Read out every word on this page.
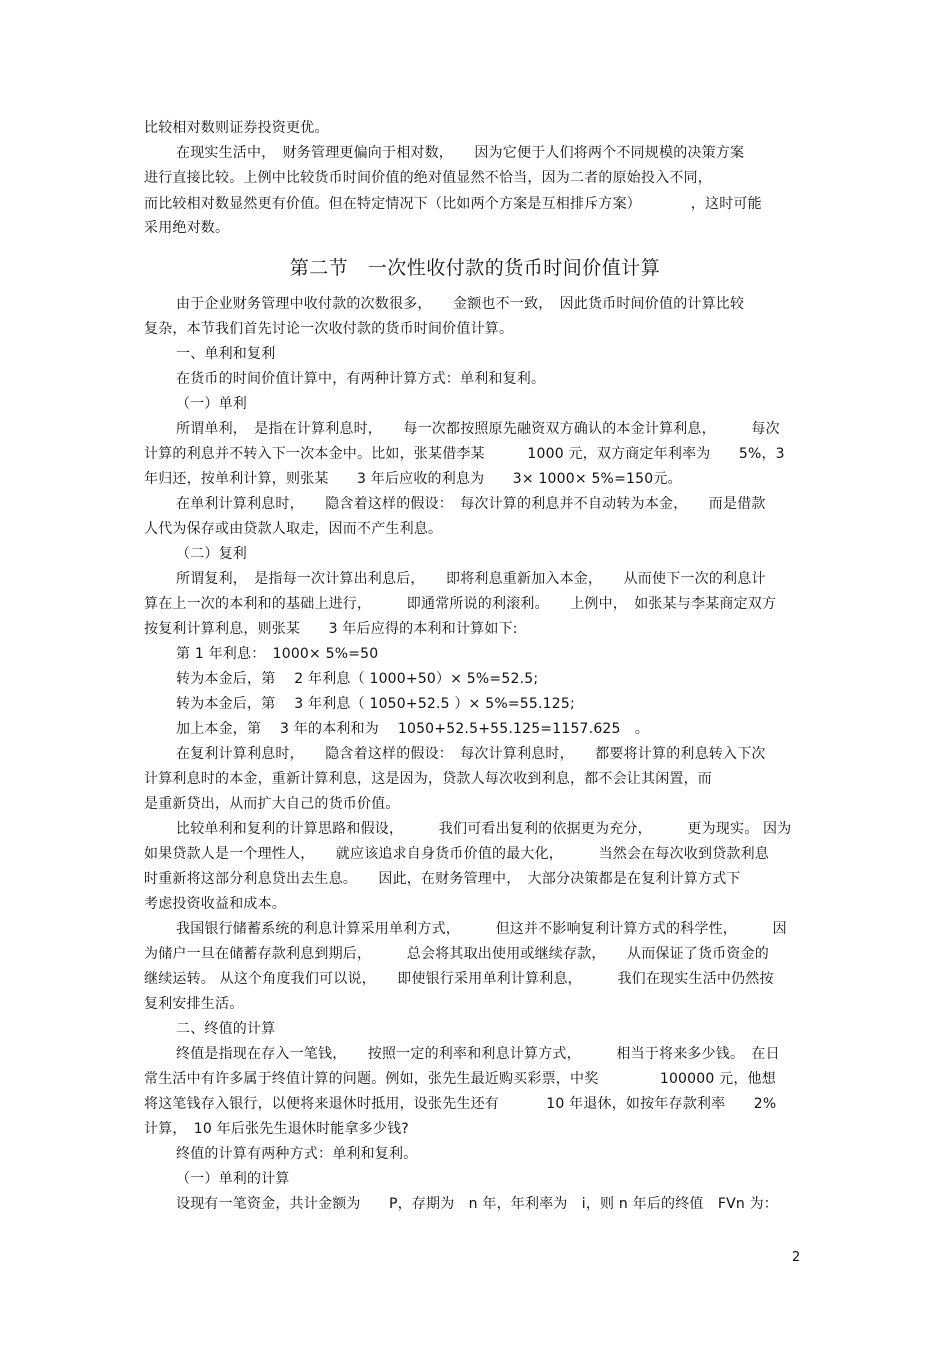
比较相对数则证券投资更优。
在现实生活中，　财务管理更偏向于相对数，　　因为它便于人们将两个不同规模的决策方案
进行直接比较。上例中比较货币时间价值的绝对值显然不恰当，因为二者的原始投入不同，
而比较相对数显然更有价值。但在特定情况下（比如两个方案是互相排斥方案）　　　　，这时可能
采用绝对数。
第二节　一次性收付款的货币时间价值计算
由于企业财务管理中收付款的次数很多，　　金额也不一致，　因此货币时间价值的计算比较
复杂，本节我们首先讨论一次收付款的货币时间价值计算。
一、单利和复利
在货币的时间价值计算中，有两种计算方式：单利和复利。
（一）单利
所谓单利，　是指在计算利息时，　　每一次都按照原先融资双方确认的本金计算利息，　　　每次
计算的利息并不转入下一次本金中。比如，张某借李某　　　1000 元，双方商定年利率为　　5%，3
年归还，按单利计算，则张某　　3 年后应收的利息为　　3× 1000× 5%=150元。
在单利计算利息时，　　隐含着这样的假设：　每次计算的利息并不自动转为本金，　　而是借款
人代为保存或由贷款人取走，因而不产生利息。
（二）复利
所谓复利，　是指每一次计算出利息后，　　即将利息重新加入本金，　　从而使下一次的利息计
算在上一次的本利和的基础上进行，　　　即通常所说的利滚利。　　上例中，　如张某与李某商定双方
按复利计算利息，则张某　　3 年后应得的本利和计算如下:
第 1 年利息：　1000× 5%=50
转为本金后，第　 2 年利息（ 1000+50）× 5%=52.5;
转为本金后，第　 3 年利息（ 1050+52.5 ）× 5%=55.125;
加上本金，第　 3 年的本利和为　 1050+52.5+55.125=1157.625　。
在复利计算利息时，　　隐含着这样的假设：　每次计算利息时，　　都要将计算的利息转入下次
计算利息时的本金，重新计算利息，这是因为，贷款人每次收到利息，都不会让其闲置，而
是重新贷出，从而扩大自己的货币价值。
比较单利和复利的计算思路和假设，　　　我们可看出复利的依据更为充分，　　　更为现实。 因为
如果贷款人是一个理性人，　　就应该追求自身货币价值的最大化，　　　当然会在每次收到贷款利息
时重新将这部分利息贷出去生息。　　因此，在财务管理中，　大部分决策都是在复利计算方式下
考虑投资收益和成本。
我国银行储蓄系统的利息计算采用单利方式，　　　但这并不影响复利计算方式的科学性，　　　因
为储户一旦在储蓄存款利息到期后，　　　总会将其取出使用或继续存款，　　从而保证了货币资金的
继续运转。 从这个角度我们可以说，　　即使银行采用单利计算利息，　　　我们在现实生活中仍然按
复利安排生活。
二、终值的计算
终值是指现在存入一笔钱，　　按照一定的利率和利息计算方式，　　　相当于将来多少钱。　在日
常生活中有许多属于终值计算的问题。例如，张先生最近购买彩票，中奖　　　　 100000 元，他想
将这笔钱存入银行，以便将来退休时抵用，设张先生还有　　　 10 年退休，如按年存款利率　　2%
计算，　10 年后张先生退休时能拿多少钱?
终值的计算有两种方式：单利和复利。
（一）单利的计算
设现有一笔资金，共计金额为　　P，存期为　n 年，年利率为　i，则 n 年后的终值　FVn 为：
2
